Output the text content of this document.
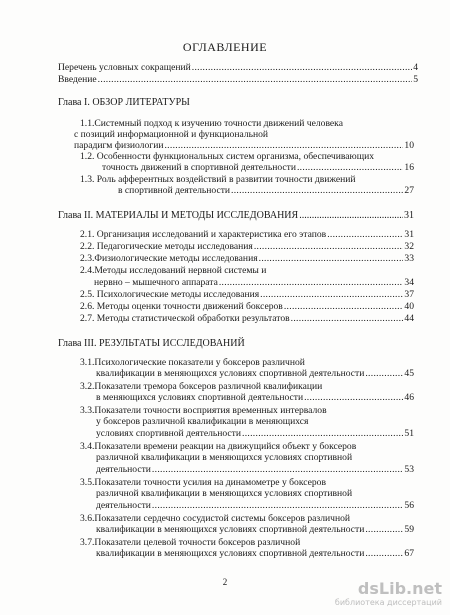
ОГЛАВЛЕНИЕ
Перечень условных сокращений .....	4
Введение .....	5
Глава I. ОБЗОР ЛИТЕРАТУРЫ
1.1.Системный подход к изучению точности движений человека
с позиций информационной и функциональной
парадигм физиологии .....	10
1.2. Особенности функциональных систем организма, обеспечивающих
точность движений в спортивной деятельности .....	16
1.3. Роль афферентных воздействий в развитии точности движений
в спортивной деятельности .....	27
Глава II. МАТЕРИАЛЫ И МЕТОДЫ ИССЛЕДОВАНИЯ .....	31
2.1. Организация исследований и характеристика его этапов .....	31
2.2. Педагогические методы исследования .....	32
2.3.Физиологические методы исследования .....	33
2.4.Методы исследований нервной системы и
нервно – мышечного аппарата .....	34
2.5. Психологические методы исследования .....	37
2.6. Методы оценки точности движений боксеров .....	40
2.7. Методы статистической обработки результатов .....	44
Глава III. РЕЗУЛЬТАТЫ ИССЛЕДОВАНИЙ
3.1.Психологические показатели у боксеров различной
квалификации в меняющихся условиях спортивной деятельности .....	45
3.2.Показатели тремора боксеров различной квалификации
в меняющихся условиях спортивной деятельности .....	46
3.3.Показатели точности восприятия временных интервалов
у боксеров различной квалификации в меняющихся
условиях спортивной деятельности .....	51
3.4.Показатели времени реакции на движущийся объект у боксеров
различной квалификации в меняющихся условиях спортивной
деятельности .....	53
3.5.Показатели точности усилия на динамометре у боксеров
различной квалификации в меняющихся условиях спортивной
деятельности .....	56
3.6.Показатели сердечно сосудистой системы боксеров различной
квалификации в меняющихся условиях спортивной деятельности .....	59
3.7.Показатели целевой точности боксеров различной
квалификации в меняющихся условиях спортивной деятельности .....	67
2	dsLib.net
библиотека диссертаций
